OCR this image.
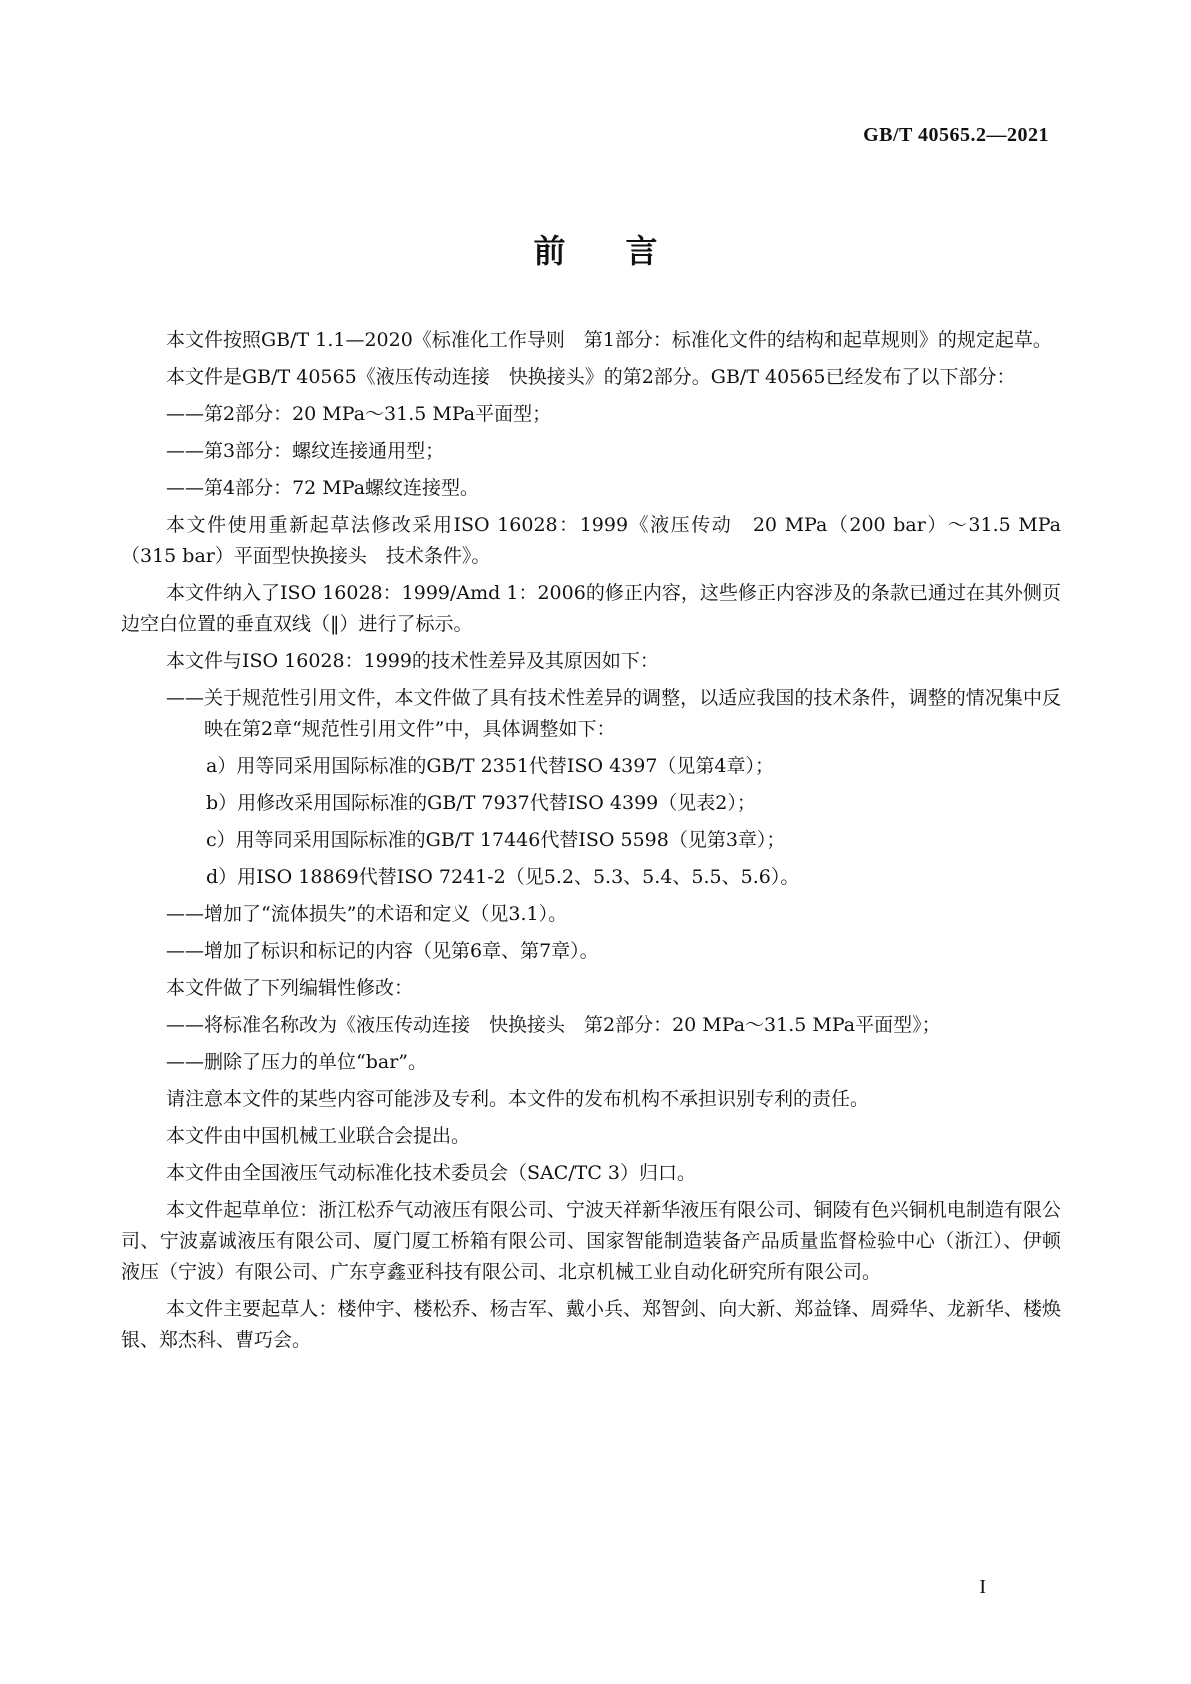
GB/T 40565.2—2021
前言

本文件按照GB/T 1.1—2020《标准化工作导则　第1部分：标准化文件的结构和起草规则》的规定起草。

本文件是GB/T 40565《液压传动连接　快换接头》的第2部分。GB/T 40565已经发布了以下部分：

——第2部分：20 MPa～31.5 MPa平面型；

——第3部分：螺纹连接通用型；

——第4部分：72 MPa螺纹连接型。

本文件使用重新起草法修改采用ISO 16028：1999《液压传动　20 MPa（200 bar）～31.5 MPa（315 bar）平面型快换接头　技术条件》。

本文件纳入了ISO 16028：1999/Amd 1：2006的修正内容，这些修正内容涉及的条款已通过在其外侧页边空白位置的垂直双线（‖）进行了标示。

本文件与ISO 16028：1999的技术性差异及其原因如下：

——关于规范性引用文件，本文件做了具有技术性差异的调整，以适应我国的技术条件，调整的情况集中反映在第2章“规范性引用文件”中，具体调整如下：

a）用等同采用国际标准的GB/T 2351代替ISO 4397（见第4章）；

b）用修改采用国际标准的GB/T 7937代替ISO 4399（见表2）；

c）用等同采用国际标准的GB/T 17446代替ISO 5598（见第3章）；

d）用ISO 18869代替ISO 7241-2（见5.2、5.3、5.4、5.5、5.6）。

——增加了“流体损失”的术语和定义（见3.1）。

——增加了标识和标记的内容（见第6章、第7章）。

本文件做了下列编辑性修改：

——将标准名称改为《液压传动连接　快换接头　第2部分：20 MPa～31.5 MPa平面型》；

——删除了压力的单位“bar”。

请注意本文件的某些内容可能涉及专利。本文件的发布机构不承担识别专利的责任。

本文件由中国机械工业联合会提出。

本文件由全国液压气动标准化技术委员会（SAC/TC 3）归口。

本文件起草单位：浙江松乔气动液压有限公司、宁波天祥新华液压有限公司、铜陵有色兴铜机电制造有限公司、宁波嘉诚液压有限公司、厦门厦工桥箱有限公司、国家智能制造装备产品质量监督检验中心（浙江）、伊顿液压（宁波）有限公司、广东亨鑫亚科技有限公司、北京机械工业自动化研究所有限公司。

本文件主要起草人：楼仲宇、楼松乔、杨吉军、戴小兵、郑智剑、向大新、郑益锋、周舜华、龙新华、楼焕银、郑杰科、曹巧会。

I
